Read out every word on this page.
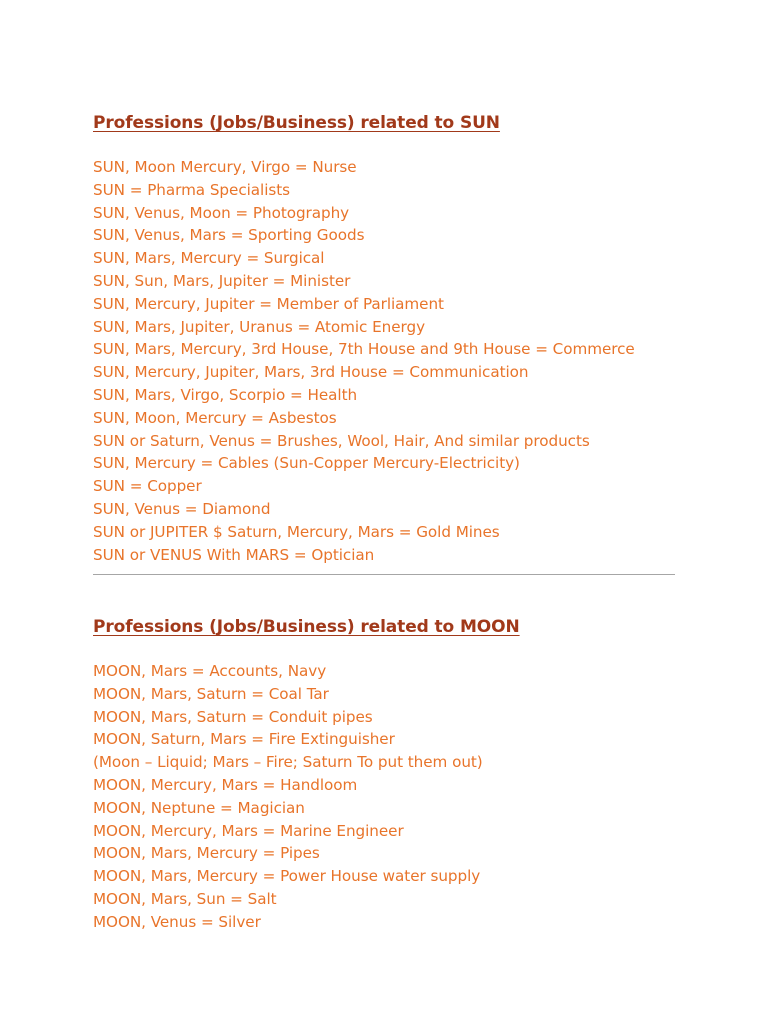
Professions (Jobs/Business) related to SUN
SUN, Moon Mercury, Virgo = Nurse
SUN = Pharma Specialists
SUN, Venus, Moon = Photography
SUN, Venus, Mars = Sporting Goods
SUN, Mars, Mercury = Surgical
SUN, Sun, Mars, Jupiter = Minister
SUN, Mercury, Jupiter = Member of Parliament
SUN, Mars, Jupiter, Uranus = Atomic Energy
SUN, Mars, Mercury, 3rd House, 7th House and 9th House = Commerce
SUN, Mercury, Jupiter, Mars, 3rd House = Communication
SUN, Mars, Virgo, Scorpio = Health
SUN, Moon, Mercury = Asbestos
SUN or Saturn, Venus = Brushes, Wool, Hair, And similar products
SUN, Mercury = Cables (Sun-Copper Mercury-Electricity)
SUN = Copper
SUN, Venus = Diamond
SUN or JUPITER $ Saturn, Mercury, Mars = Gold Mines
SUN or VENUS With MARS = Optician
Professions (Jobs/Business) related to MOON
MOON, Mars = Accounts, Navy
MOON, Mars, Saturn = Coal Tar
MOON, Mars, Saturn = Conduit pipes
MOON, Saturn, Mars = Fire Extinguisher
(Moon – Liquid; Mars – Fire; Saturn To put them out)
MOON, Mercury, Mars = Handloom
MOON, Neptune = Magician
MOON, Mercury, Mars = Marine Engineer
MOON, Mars, Mercury = Pipes
MOON, Mars, Mercury = Power House water supply
MOON, Mars, Sun = Salt
MOON, Venus = Silver
